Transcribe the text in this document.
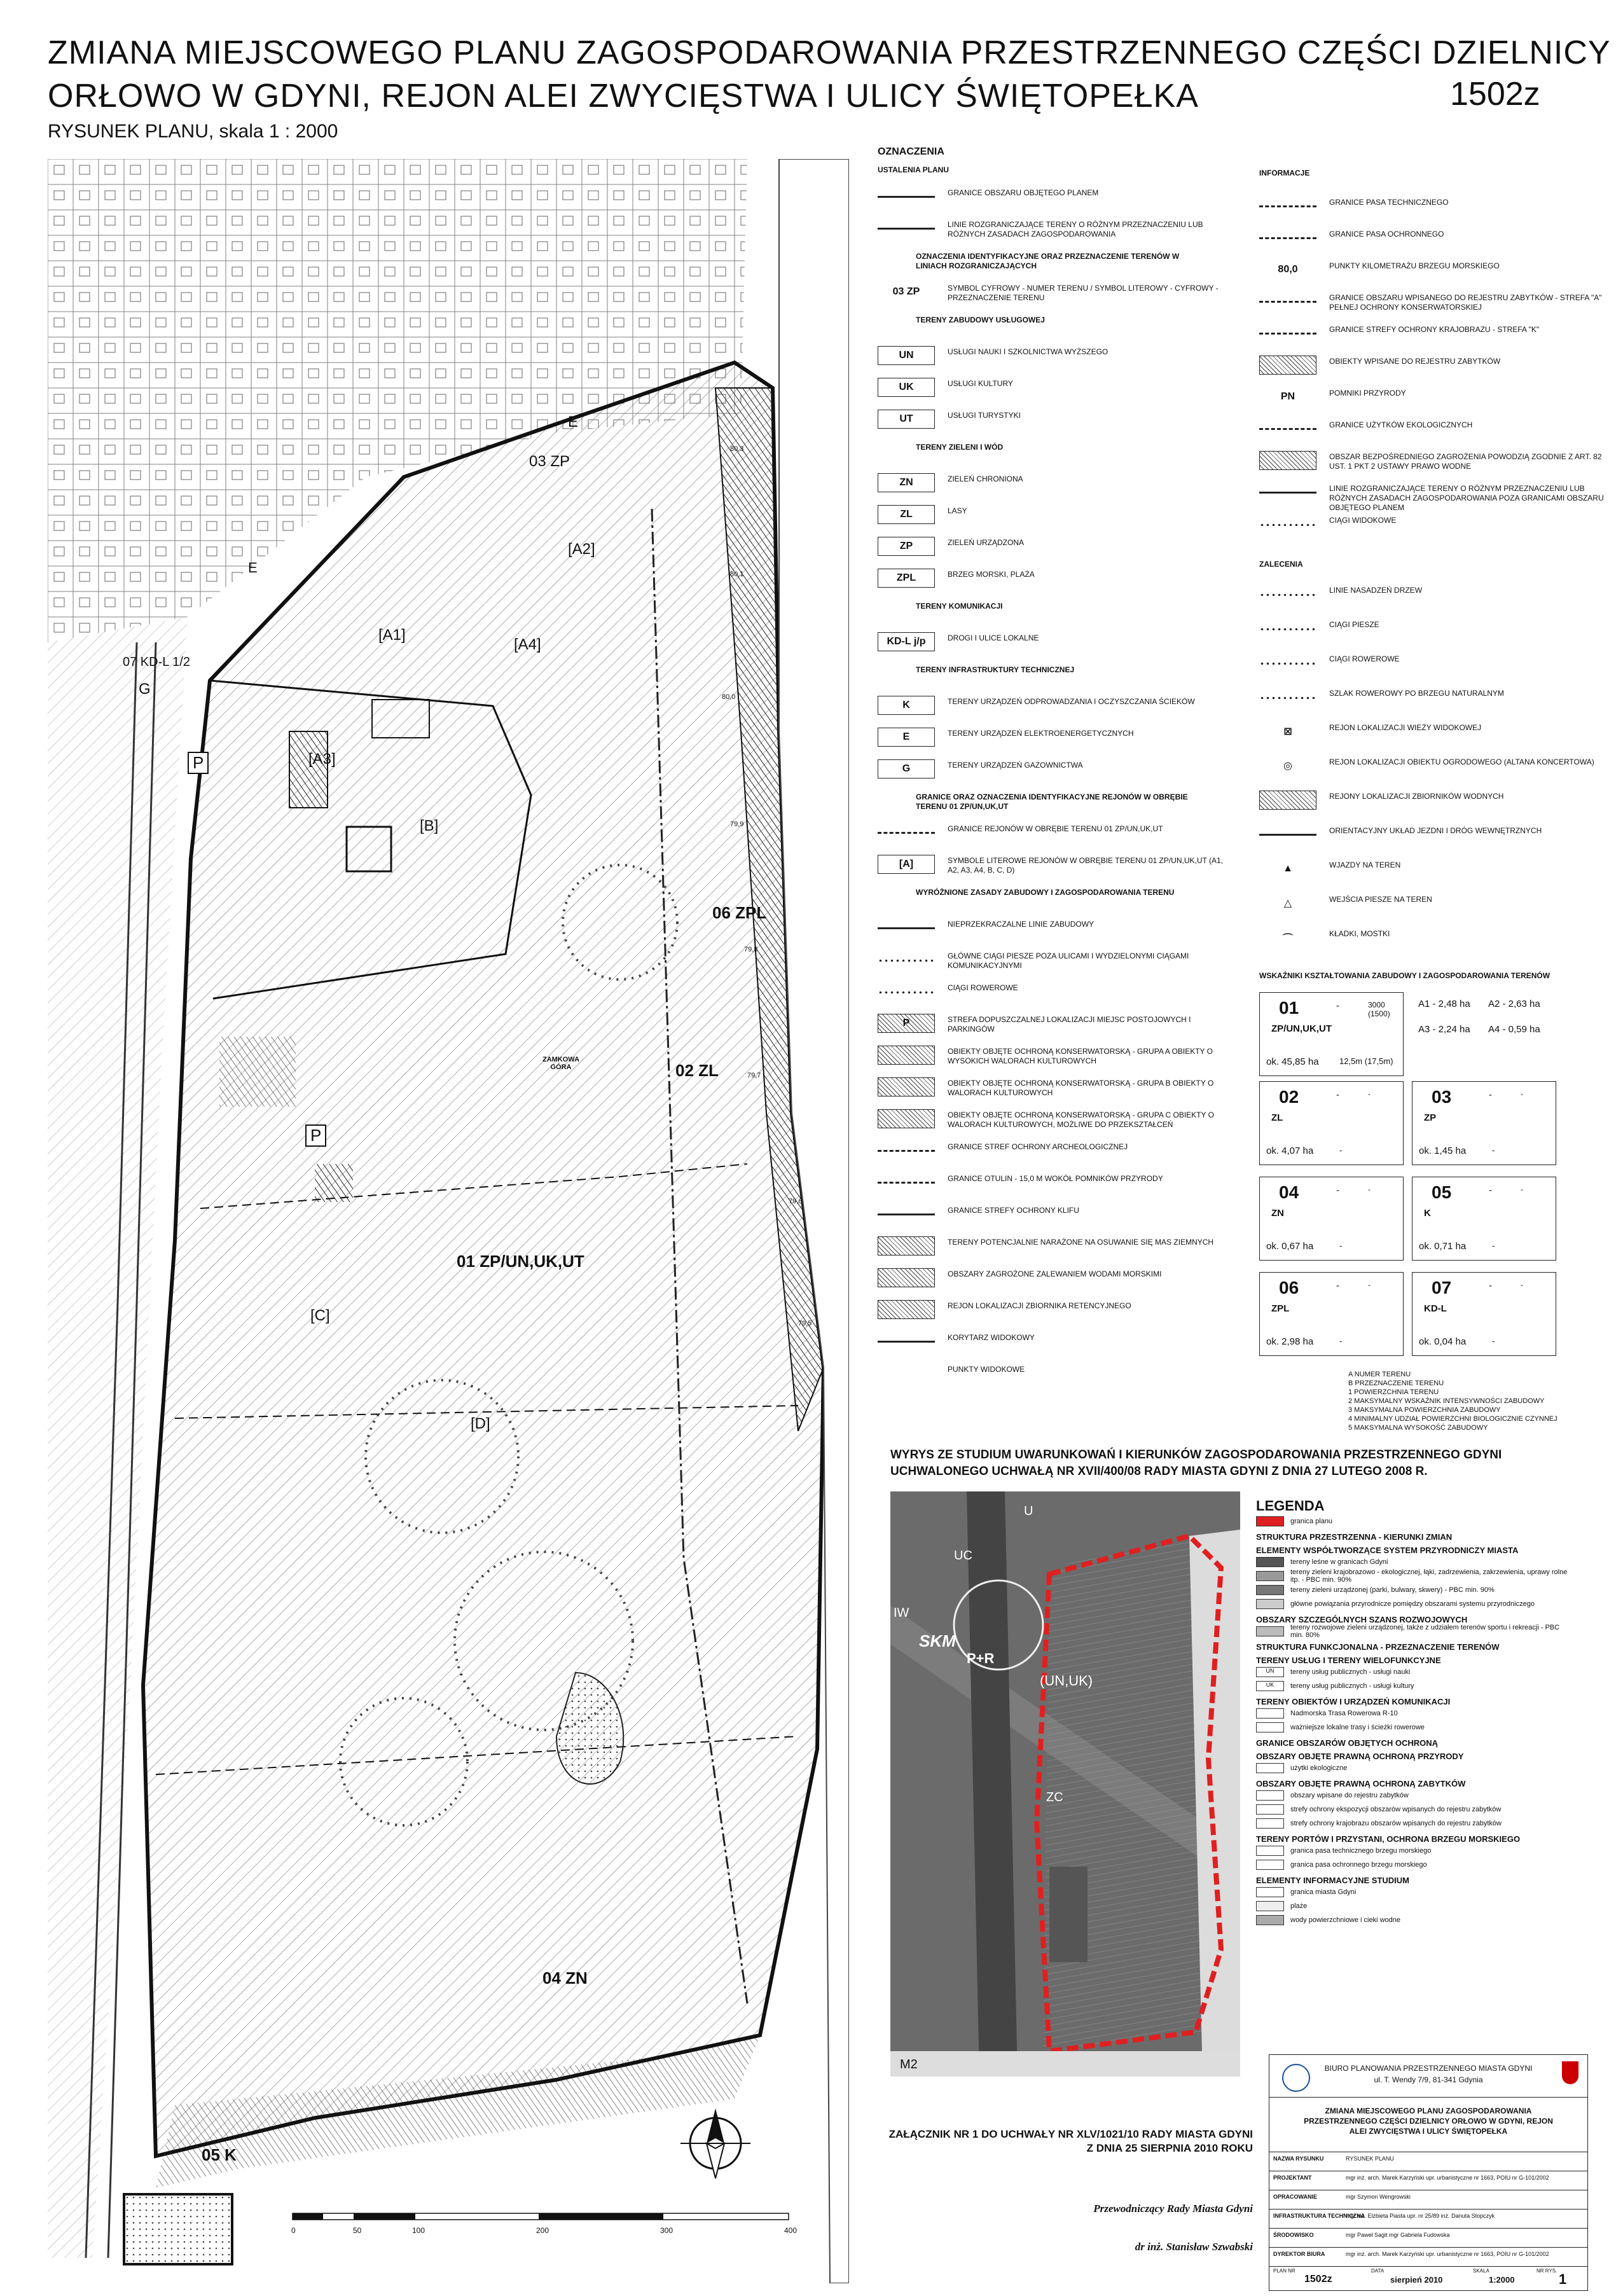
ZMIANA MIEJSCOWEGO PLANU ZAGOSPODAROWANIA PRZESTRZENNEGO CZĘŚCI DZIELNICY
ORŁOWO W GDYNI, REJON ALEI ZWYCIĘSTWA I ULICY ŚWIĘTOPEŁKA	1502z
RYSUNEK PLANU, skala 1 : 2000
03 ZP
E
[A2]
[A1]
[A4]
07 KD-L 1/2
G
E
[A3]
P
[B]
06 ZPL
02 ZL
P
ZAMKOWA GÓRA
01 ZP/UN,UK,UT
[C]
[D]
04 ZN
05 K
80,3
80,1
80,0
79,9
79,8
79,7
79,6
79,5
0	50	100	200	300	400
OZNACZENIA
USTALENIA PLANU	INFORMACJE
GRANICE OBSZARU OBJĘTEGO PLANEM
LINIE ROZGRANICZAJĄCE TERENY O RÓŻNYM PRZEZNACZENIU LUB RÓŻNYCH ZASADACH ZAGOSPODAROWANIA
OZNACZENIA IDENTYFIKACYJNE ORAZ PRZEZNACZENIE TERENÓW W LINIACH ROZGRANICZAJĄCYCH
03 ZP	SYMBOL CYFROWY - NUMER TERENU / SYMBOL LITEROWY - CYFROWY - PRZEZNACZENIE TERENU
TERENY ZABUDOWY USŁUGOWEJ
UN	USŁUGI NAUKI I SZKOLNICTWA WYŻSZEGO
UK	USŁUGI KULTURY
UT	USŁUGI TURYSTYKI
TERENY ZIELENI I WÓD
ZN	ZIELEŃ CHRONIONA
ZL	LASY
ZP	ZIELEŃ URZĄDZONA
ZPL	BRZEG MORSKI, PLAŻA
TERENY KOMUNIKACJI
KD-L j/p	DROGI I ULICE LOKALNE
TERENY INFRASTRUKTURY TECHNICZNEJ
K	TERENY URZĄDZEŃ ODPROWADZANIA I OCZYSZCZANIA ŚCIEKÓW
E	TERENY URZĄDZEŃ ELEKTROENERGETYCZNYCH
G	TERENY URZĄDZEŃ GAZOWNICTWA
GRANICE ORAZ OZNACZENIA IDENTYFIKACYJNE REJONÓW W OBRĘBIE TERENU 01 ZP/UN,UK,UT
GRANICE REJONÓW W OBRĘBIE TERENU 01 ZP/UN,UK,UT
[A]	SYMBOLE LITEROWE REJONÓW W OBRĘBIE TERENU 01 ZP/UN,UK,UT (A1, A2, A3, A4, B, C, D)
WYRÓŻNIONE ZASADY ZABUDOWY I ZAGOSPODAROWANIA TERENU
NIEPRZEKRACZALNE LINIE ZABUDOWY
GŁÓWNE CIĄGI PIESZE POZA ULICAMI I WYDZIELONYMI CIĄGAMI KOMUNIKACYJNYMI
CIĄGI ROWEROWE
P	STREFA DOPUSZCZALNEJ LOKALIZACJI MIEJSC POSTOJOWYCH I PARKINGÓW
OBIEKTY OBJĘTE OCHRONĄ KONSERWATORSKĄ - GRUPA A OBIEKTY O WYSOKICH WALORACH KULTUROWYCH
OBIEKTY OBJĘTE OCHRONĄ KONSERWATORSKĄ - GRUPA B OBIEKTY O WALORACH KULTUROWYCH
OBIEKTY OBJĘTE OCHRONĄ KONSERWATORSKĄ - GRUPA C OBIEKTY O WALORACH KULTUROWYCH, MOŻLIWE DO PRZEKSZTAŁCEŃ
GRANICE STREF OCHRONY ARCHEOLOGICZNEJ
GRANICE OTULIN - 15,0 M WOKÓŁ POMNIKÓW PRZYRODY
GRANICE STREFY OCHRONY KLIFU
TERENY POTENCJALNIE NARAŻONE NA OSUWANIE SIĘ MAS ZIEMNYCH
OBSZARY ZAGROŻONE ZALEWANIEM WODAMI MORSKIMI
REJON LOKALIZACJI ZBIORNIKA RETENCYJNEGO
KORYTARZ WIDOKOWY
PUNKTY WIDOKOWE
GRANICE PASA TECHNICZNEGO
GRANICE PASA OCHRONNEGO
80,0	PUNKTY KILOMETRAŻU BRZEGU MORSKIEGO
GRANICE OBSZARU WPISANEGO DO REJESTRU ZABYTKÓW - STREFA "A" PEŁNEJ OCHRONY KONSERWATORSKIEJ
GRANICE STREFY OCHRONY KRAJOBRAZU - STREFA "K"
OBIEKTY WPISANE DO REJESTRU ZABYTKÓW
PN	POMNIKI PRZYRODY
GRANICE UŻYTKÓW EKOLOGICZNYCH
OBSZAR BEZPOŚREDNIEGO ZAGROŻENIA POWODZIĄ ZGODNIE Z ART. 82 UST. 1 PKT 2 USTAWY PRAWO WODNE
LINIE ROZGRANICZAJĄCE TERENY O RÓŻNYM PRZEZNACZENIU LUB RÓŻNYCH ZASADACH ZAGOSPODAROWANIA POZA GRANICAMI OBSZARU OBJĘTEGO PLANEM
CIĄGI WIDOKOWE
ZALECENIA
LINIE NASADZEŃ DRZEW
CIĄGI PIESZE
CIĄGI ROWEROWE
SZLAK ROWEROWY PO BRZEGU NATURALNYM
⊠	REJON LOKALIZACJI WIEŻY WIDOKOWEJ
◎	REJON LOKALIZACJI OBIEKTU OGRODOWEGO (ALTANA KONCERTOWA)
REJONY LOKALIZACJI ZBIORNIKÓW WODNYCH
ORIENTACYJNY UKŁAD JEZDNI I DRÓG WEWNĘTRZNYCH
▲	WJAZDY NA TEREN
△	WEJŚCIA PIESZE NA TEREN
⌒	KŁADKI, MOSTKI
WSKAŹNIKI KSZTAŁTOWANIA ZABUDOWY I ZAGOSPODAROWANIA TERENÓW
01
ZP/UN,UK,UT
-	3000 (1500)
ok. 45,85 ha 12,5m (17,5m)
A1 - 2,48 ha A2 - 2,63 ha
A3 - 2,24 ha A4 - 0,59 ha
02
ZL
-	-
ok. 4,07 ha	-
03
ZP
-	-
ok. 1,45 ha	-
04
ZN
-	-
ok. 0,67 ha	-
05
K
-	-
ok. 0,71 ha	-
06
ZPL
-	-
ok. 2,98 ha	-
07
KD-L
-	-
ok. 0,04 ha	-
A NUMER TERENU
B PRZEZNACZENIE TERENU
1 POWIERZCHNIA TERENU
2 MAKSYMALNY WSKAŹNIK INTENSYWNOŚCI ZABUDOWY
3 MAKSYMALNA POWIERZCHNIA ZABUDOWY
4 MINIMALNY UDZIAŁ POWIERZCHNI BIOLOGICZNIE CZYNNEJ
5 MAKSYMALNA WYSOKOŚĆ ZABUDOWY
WYRYS ZE STUDIUM UWARUNKOWAŃ I KIERUNKÓW ZAGOSPODAROWANIA PRZESTRZENNEGO GDYNI
UCHWALONEGO UCHWAŁĄ NR XVII/400/08 RADY MIASTA GDYNI Z DNIA 27 LUTEGO 2008 R.
UC
IW
SKM
P+R
(UN,UK)
ZC
M2
U	LEGENDA
granica planu
STRUKTURA PRZESTRZENNA - KIERUNKI ZMIAN
ELEMENTY WSPÓŁTWORZĄCE SYSTEM PRZYRODNICZY MIASTA
tereny leśne w granicach Gdyni
tereny zieleni krajobrazowo - ekologicznej, łąki, zadrzewienia, zakrzewienia, uprawy rolne itp. - PBC min. 90%
tereny zieleni urządzonej (parki, bulwary, skwery) - PBC min. 90%
główne powiązania przyrodnicze pomiędzy obszarami systemu przyrodniczego
OBSZARY SZCZEGÓLNYCH SZANS ROZWOJOWYCH
tereny rozwojowe zieleni urządzonej, także z udziałem terenów sportu i rekreacji - PBC min. 80%
STRUKTURA FUNKCJONALNA - PRZEZNACZENIE TERENÓW
TERENY USŁUG I TERENY WIELOFUNKCYJNE
UN	tereny usług publicznych - usługi nauki
UK	tereny usług publicznych - usługi kultury
TERENY OBIEKTÓW I URZĄDZEŃ KOMUNIKACJI
Nadmorska Trasa Rowerowa R-10
ważniejsze lokalne trasy i ścieżki rowerowe
GRANICE OBSZARÓW OBJĘTYCH OCHRONĄ
OBSZARY OBJĘTE PRAWNĄ OCHRONĄ PRZYRODY
użytki ekologiczne
OBSZARY OBJĘTE PRAWNĄ OCHRONĄ ZABYTKÓW
obszary wpisane do rejestru zabytków
strefy ochrony ekspozycji obszarów wpisanych do rejestru zabytków
strefy ochrony krajobrazu obszarów wpisanych do rejestru zabytków
TERENY PORTÓW I PRZYSTANI, OCHRONA BRZEGU MORSKIEGO
granica pasa technicznego brzegu morskiego
granica pasa ochronnego brzegu morskiego
ELEMENTY INFORMACYJNE STUDIUM
granica miasta Gdyni
plaże
wody powierzchniowe i cieki wodne
ZAŁĄCZNIK NR 1 DO UCHWAŁY NR XLV/1021/10 RADY MIASTA GDYNI
Z DNIA 25 SIERPNIA 2010 ROKU
Przewodniczący Rady Miasta Gdyni
dr inż. Stanisław Szwabski
BIURO PLANOWANIA PRZESTRZENNEGO MIASTA GDYNI
ul. T. Wendy 7/9, 81-341 Gdynia
ZMIANA MIEJSCOWEGO PLANU ZAGOSPODAROWANIA PRZESTRZENNEGO CZĘŚCI DZIELNICY ORŁOWO W GDYNI, REJON ALEI ZWYCIĘSTWA I ULICY ŚWIĘTOPEŁKA
NAZWA RYSUNKU	RYSUNEK PLANU
PROJEKTANT	mgr inż. arch. Marek Karzyński upr. urbanistyczne nr 1663, POIU nr G-101/2002
OPRACOWANIE	mgr Szymon Wengrowski
INFRASTRUKTURA TECHNICZNA
mgr inż. Elżbieta Piasta upr. nr 25/89 inż. Danuta Stopczyk
ŚRODOWISKO	mgr Paweł Sagit mgr Gabriela Fudowska
DYREKTOR BIURA	mgr inż. arch. Marek Karzyński upr. urbanistyczne nr 1663, POIU nr G-101/2002
PLAN NR	DATA	SKALA	NR RYS.
1502z	sierpień 2010	1:2000	1
